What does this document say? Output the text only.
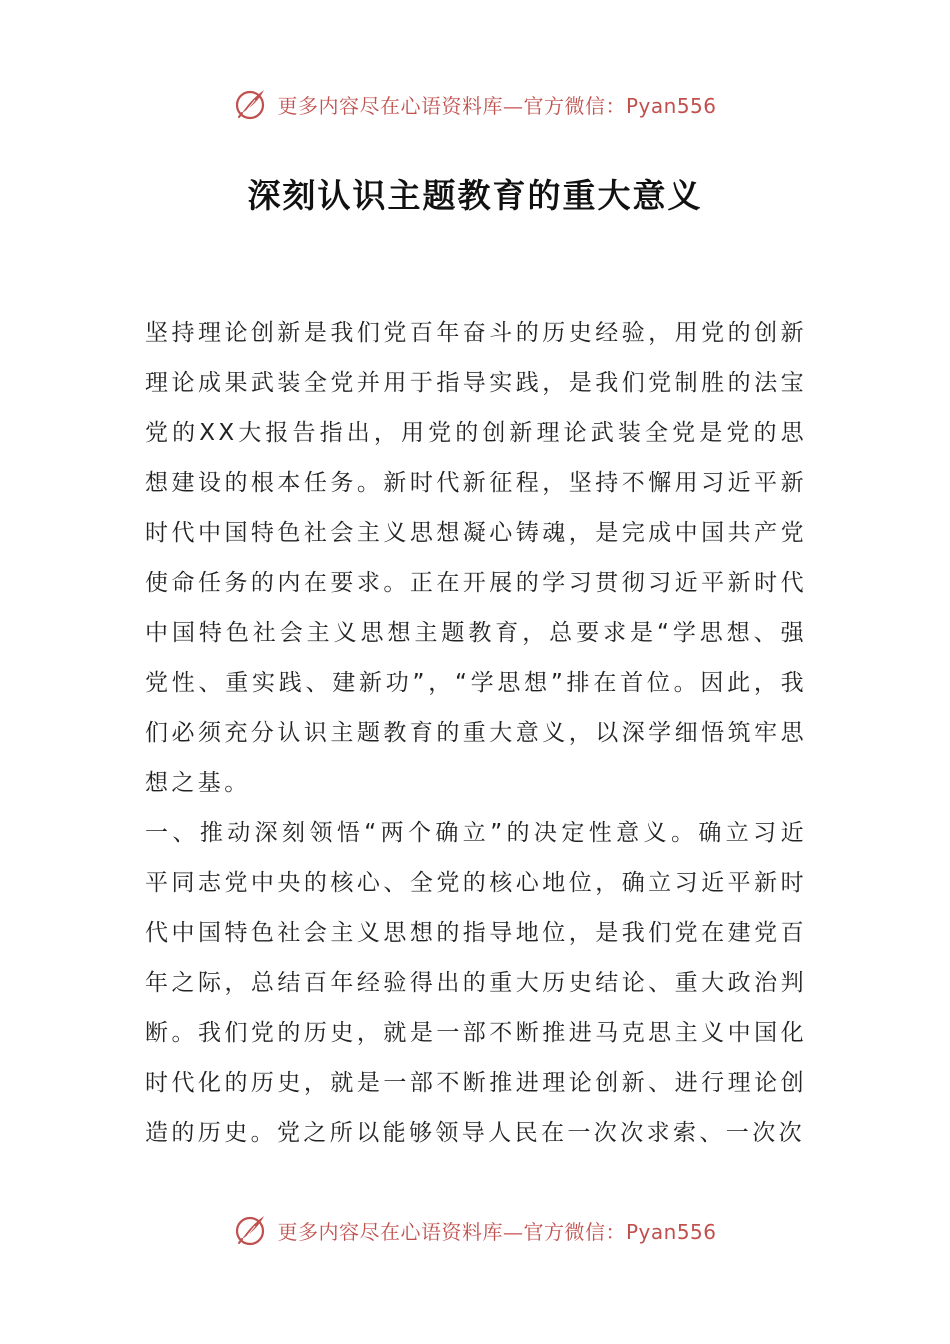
更多内容尽在心语资料库—官方微信：Pyan556
深刻认识主题教育的重大意义

坚持理论创新是我们党百年奋斗的历史经验，用党的创新理论成果武装全党并用于指导实践，是我们党制胜的法宝党的XX大报告指出，用党的创新理论武装全党是党的思想建设的根本任务。新时代新征程，坚持不懈用习近平新时代中国特色社会主义思想凝心铸魂，是完成中国共产党使命任务的内在要求。正在开展的学习贯彻习近平新时代中国特色社会主义思想主题教育，总要求是“学思想、强党性、重实践、建新功”，“学思想”排在首位。因此，我们必须充分认识主题教育的重大意义，以深学细悟筑牢思想之基。

一、推动深刻领悟“两个确立”的决定性意义。确立习近平同志党中央的核心、全党的核心地位，确立习近平新时代中国特色社会主义思想的指导地位，是我们党在建党百年之际，总结百年经验得出的重大历史结论、重大政治判断。我们党的历史，就是一部不断推进马克思主义中国化时代化的历史，就是一部不断推进理论创新、进行理论创造的历史。党之所以能够领导人民在一次次求索、一次次

更多内容尽在心语资料库—官方微信：Pyan556
